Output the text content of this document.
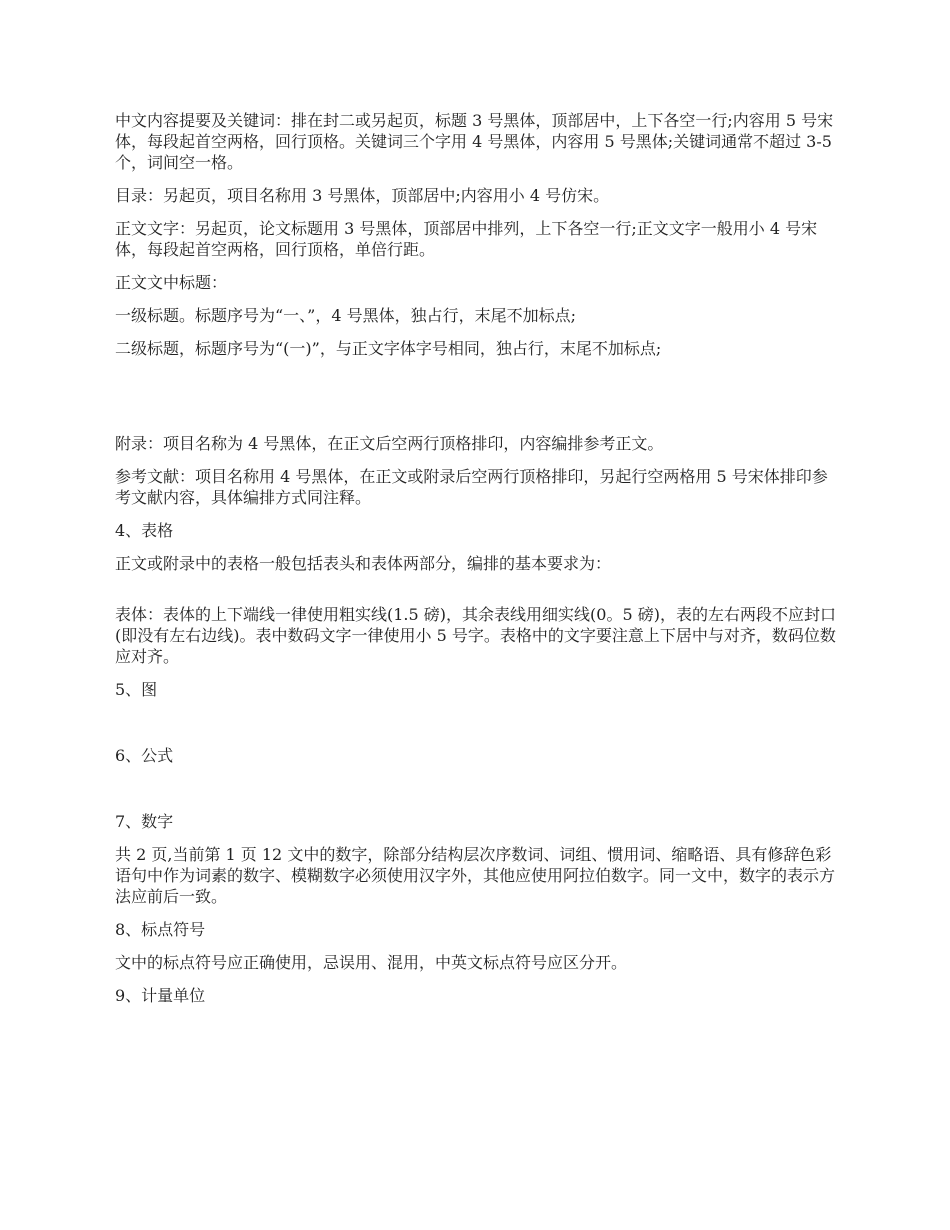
中文内容提要及关键词：排在封二或另起页，标题 3 号黑体，顶部居中，上下各空一行;内容用 5 号宋体，每段起首空两格，回行顶格。关键词三个字用 4 号黑体，内容用 5 号黑体;关键词通常不超过 3-5 个，词间空一格。

目录：另起页，项目名称用 3 号黑体，顶部居中;内容用小 4 号仿宋。

正文文字：另起页，论文标题用 3 号黑体，顶部居中排列，上下各空一行;正文文字一般用小 4 号宋体，每段起首空两格，回行顶格，单倍行距。

正文文中标题：

一级标题。标题序号为“一、”，4 号黑体，独占行，末尾不加标点;

二级标题，标题序号为“(一)”，与正文字体字号相同，独占行，末尾不加标点;

附录：项目名称为 4 号黑体，在正文后空两行顶格排印，内容编排参考正文。

参考文献：项目名称用 4 号黑体，在正文或附录后空两行顶格排印，另起行空两格用 5 号宋体排印参考文献内容，具体编排方式同注释。

4、表格

正文或附录中的表格一般包括表头和表体两部分，编排的基本要求为：

表体：表体的上下端线一律使用粗实线(1.5 磅)，其余表线用细实线(0。5 磅)，表的左右两段不应封口(即没有左右边线)。表中数码文字一律使用小 5 号字。表格中的文字要注意上下居中与对齐，数码位数应对齐。

5、图

6、公式

7、数字

共 2 页,当前第 1 页 12 文中的数字，除部分结构层次序数词、词组、惯用词、缩略语、具有修辞色彩语句中作为词素的数字、模糊数字必须使用汉字外，其他应使用阿拉伯数字。同一文中，数字的表示方法应前后一致。

8、标点符号

文中的标点符号应正确使用，忌误用、混用，中英文标点符号应区分开。

9、计量单位
